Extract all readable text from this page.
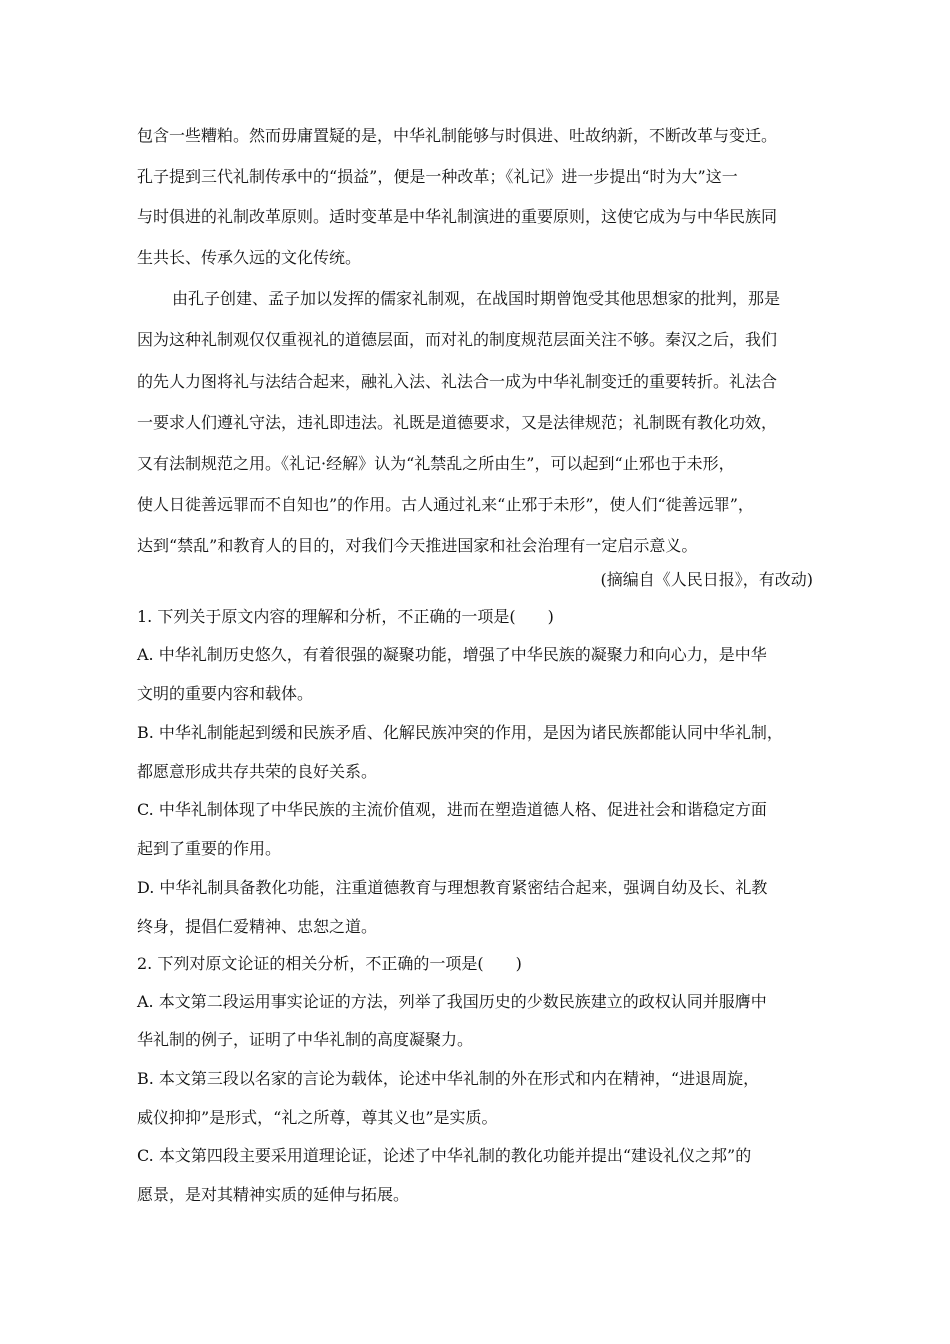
包含一些糟粕。然而毋庸置疑的是，中华礼制能够与时俱进、吐故纳新，不断改革与变迁。
孔子提到三代礼制传承中的“损益”，便是一种改革；《礼记》进一步提出“时为大”这一
与时俱进的礼制改革原则。适时变革是中华礼制演进的重要原则，这使它成为与中华民族同
生共长、传承久远的文化传统。
由孔子创建、孟子加以发挥的儒家礼制观，在战国时期曾饱受其他思想家的批判，那是
因为这种礼制观仅仅重视礼的道德层面，而对礼的制度规范层面关注不够。秦汉之后，我们
的先人力图将礼与法结合起来，融礼入法、礼法合一成为中华礼制变迁的重要转折。礼法合
一要求人们遵礼守法，违礼即违法。礼既是道德要求，又是法律规范；礼制既有教化功效，
又有法制规范之用。《礼记·经解》认为“礼禁乱之所由生”，可以起到“止邪也于未形，
使人日徙善远罪而不自知也”的作用。古人通过礼来“止邪于未形”，使人们“徙善远罪”，
达到“禁乱”和教育人的目的，对我们今天推进国家和社会治理有一定启示意义。
(摘编自《人民日报》，有改动)
1. 下列关于原文内容的理解和分析，不正确的一项是(　　)
A. 中华礼制历史悠久，有着很强的凝聚功能，增强了中华民族的凝聚力和向心力，是中华
文明的重要内容和载体。
B. 中华礼制能起到缓和民族矛盾、化解民族冲突的作用，是因为诸民族都能认同中华礼制，
都愿意形成共存共荣的良好关系。
C. 中华礼制体现了中华民族的主流价值观，进而在塑造道德人格、促进社会和谐稳定方面
起到了重要的作用。
D. 中华礼制具备教化功能，注重道德教育与理想教育紧密结合起来，强调自幼及长、礼教
终身，提倡仁爱精神、忠恕之道。
2. 下列对原文论证的相关分析，不正确的一项是(　　)
A. 本文第二段运用事实论证的方法，列举了我国历史的少数民族建立的政权认同并服膺中
华礼制的例子，证明了中华礼制的高度凝聚力。
B. 本文第三段以名家的言论为载体，论述中华礼制的外在形式和内在精神，“进退周旋，
威仪抑抑”是形式，“礼之所尊，尊其义也”是实质。
C. 本文第四段主要采用道理论证，论述了中华礼制的教化功能并提出“建设礼仪之邦”的
愿景，是对其精神实质的延伸与拓展。
